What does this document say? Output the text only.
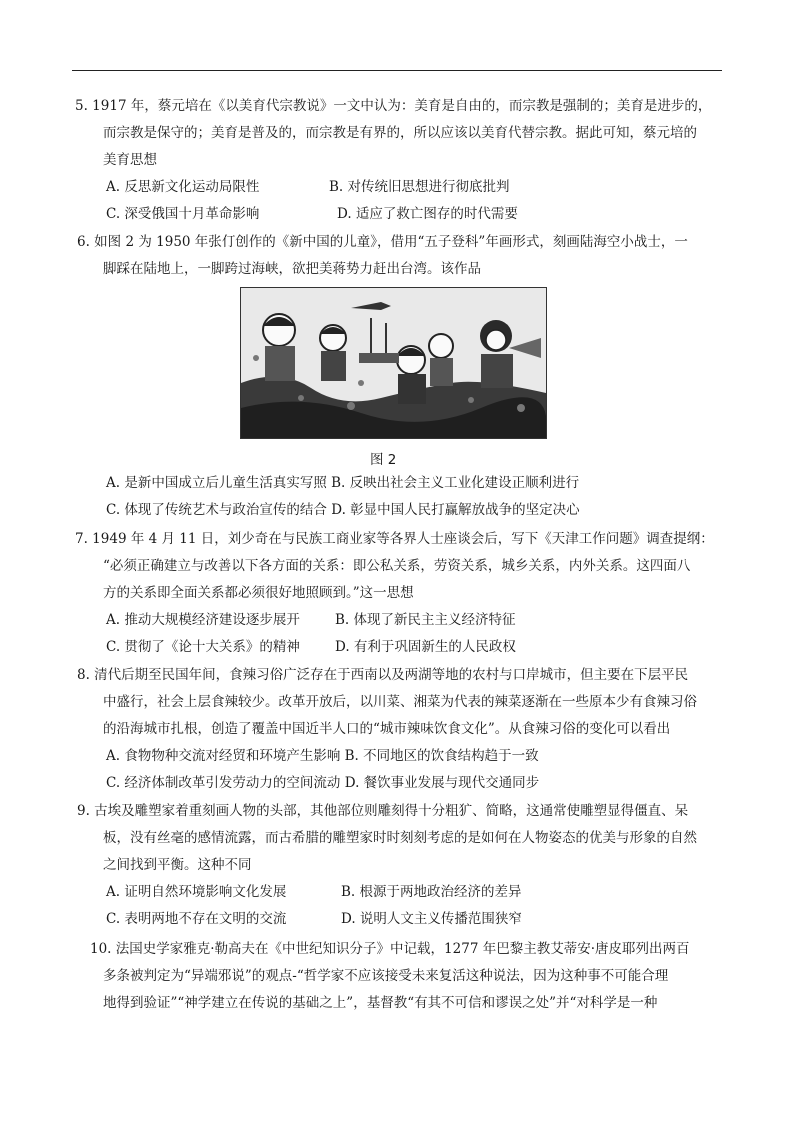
5. 1917 年，蔡元培在《以美育代宗教说》一文中认为：美育是自由的，而宗教是强制的；美育是进步的，
而宗教是保守的；美育是普及的，而宗教是有界的，所以应该以美育代替宗教。据此可知，蔡元培的
美育思想
A. 反思新文化运动局限性	B. 对传统旧思想进行彻底批判
C. 深受俄国十月革命影响	D. 适应了救亡图存的时代需要
6. 如图 2 为 1950 年张仃创作的《新中国的儿童》，借用“五子登科”年画形式，刻画陆海空小战士，一
脚踩在陆地上，一脚跨过海峡，欲把美蒋势力赶出台湾。该作品
图 2
A. 是新中国成立后儿童生活真实写照 B. 反映出社会主义工业化建设正顺利进行
C. 体现了传统艺术与政治宣传的结合 D. 彰显中国人民打赢解放战争的坚定决心
7. 1949 年 4 月 11 日，刘少奇在与民族工商业家等各界人士座谈会后，写下《天津工作问题》调查提纲：
“必须正确建立与改善以下各方面的关系：即公私关系，劳资关系，城乡关系，内外关系。这四面八
方的关系即全面关系都必须很好地照顾到。”这一思想
A. 推动大规模经济建设逐步展开	B. 体现了新民主主义经济特征
C. 贯彻了《论十大关系》的精神	D. 有利于巩固新生的人民政权
8. 清代后期至民国年间，食辣习俗广泛存在于西南以及两湖等地的农村与口岸城市，但主要在下层平民
中盛行，社会上层食辣较少。改革开放后，以川菜、湘菜为代表的辣菜逐渐在一些原本少有食辣习俗
的沿海城市扎根，创造了覆盖中国近半人口的“城市辣味饮食文化”。从食辣习俗的变化可以看出
A. 食物物种交流对经贸和环境产生影响 B. 不同地区的饮食结构趋于一致
C. 经济体制改革引发劳动力的空间流动 D. 餐饮事业发展与现代交通同步
9. 古埃及雕塑家着重刻画人物的头部，其他部位则雕刻得十分粗犷、简略，这通常使雕塑显得僵直、呆
板，没有丝毫的感情流露，而古希腊的雕塑家时时刻刻考虑的是如何在人物姿态的优美与形象的自然
之间找到平衡。这种不同
A. 证明自然环境影响文化发展	B. 根源于两地政治经济的差异
C. 表明两地不存在文明的交流	D. 说明人文主义传播范围狭窄
10. 法国史学家雅克·勒高夫在《中世纪知识分子》中记载，1277 年巴黎主教艾蒂安·唐皮耶列出两百
多条被判定为“异端邪说”的观点-“哲学家不应该接受未来复活这种说法，因为这种事不可能合理
地得到验证”“神学建立在传说的基础之上”，基督教“有其不可信和谬误之处”并“对科学是一种
